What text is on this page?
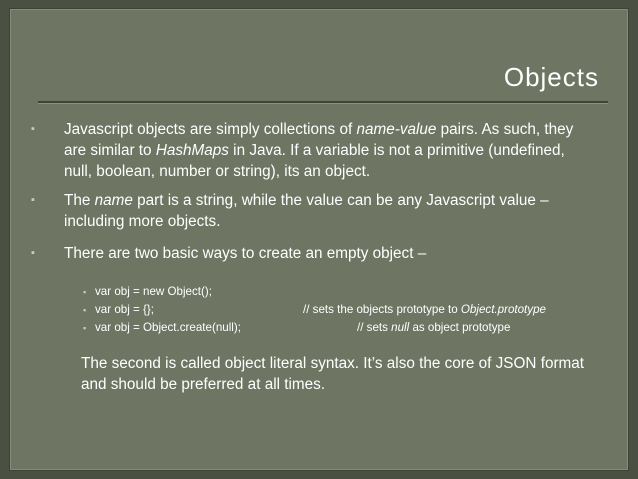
Objects
▪	Javascript objects are simply collections of name-value pairs. As such, they are similar to HashMaps in Java. If a variable is not a primitive (undefined, null, boolean, number or string), its an object.
▪	The name part is a string, while the value can be any Javascript value – including more objects.
▪	There are two basic ways to create an empty object –
▪ var obj = new Object();
▪ var obj = {};	// sets the objects prototype to Object.prototype
▪ var obj = Object.create(null);	// sets null as object prototype
The second is called object literal syntax. It’s also the core of JSON format and should be preferred at all times.
